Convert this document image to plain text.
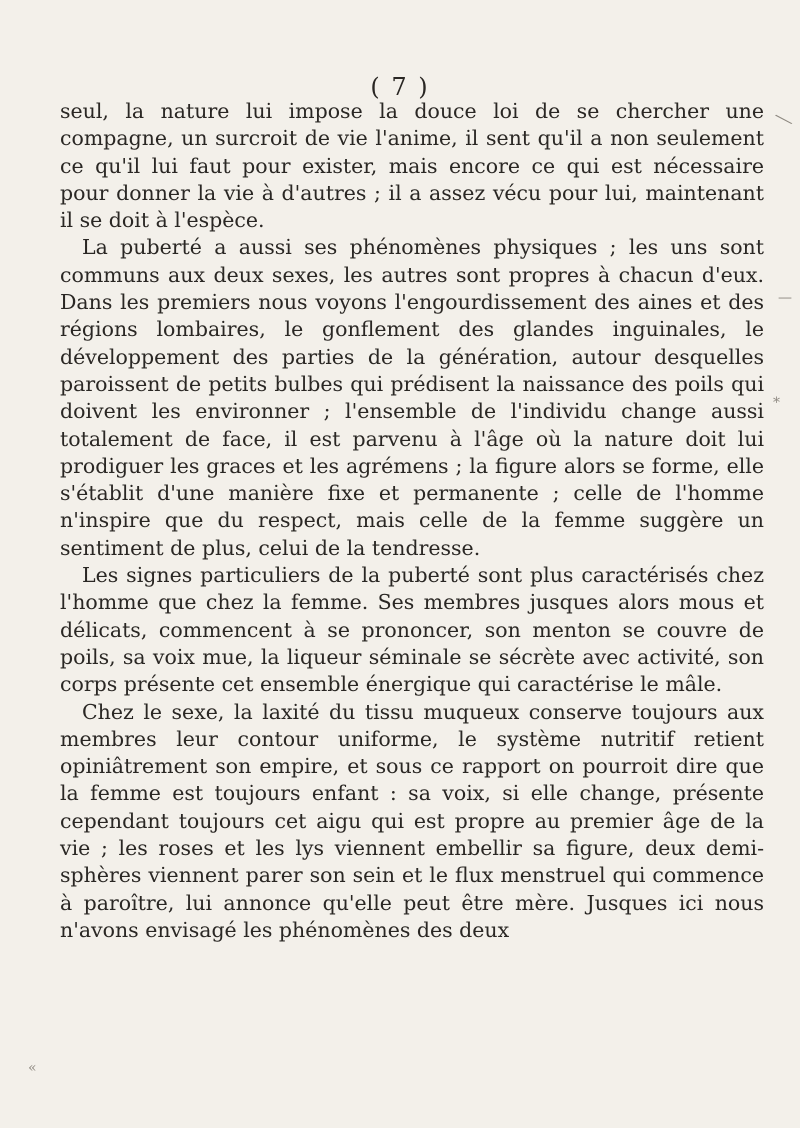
( 7 )

seul, la nature lui impose la douce loi de se chercher une compagne, un surcroit de vie l'anime, il sent qu'il a non seulement ce qu'il lui faut pour exister, mais encore ce qui est nécessaire pour donner la vie à d'autres ; il a assez vécu pour lui, maintenant il se doit à l'espèce.

La puberté a aussi ses phénomènes physiques ; les uns sont communs aux deux sexes, les autres sont propres à chacun d'eux. Dans les premiers nous voyons l'engourdissement des aines et des régions lombaires, le gonflement des glandes inguinales, le développement des parties de la génération, autour desquelles paroissent de petits bulbes qui prédisent la naissance des poils qui doivent les environner ; l'ensemble de l'individu change aussi totalement de face, il est parvenu à l'âge où la nature doit lui prodiguer les graces et les agrémens ; la figure alors se forme, elle s'établit d'une manière fixe et permanente ; celle de l'homme n'inspire que du respect, mais celle de la femme suggère un sentiment de plus, celui de la tendresse.

Les signes particuliers de la puberté sont plus caractérisés chez l'homme que chez la femme. Ses membres jusques alors mous et délicats, commencent à se prononcer, son menton se couvre de poils, sa voix mue, la liqueur séminale se sécrète avec activité, son corps présente cet ensemble énergique qui caractérise le mâle.

Chez le sexe, la laxité du tissu muqueux conserve toujours aux membres leur contour uniforme, le système nutritif retient opiniâtrement son empire, et sous ce rapport on pourroit dire que la femme est toujours enfant : sa voix, si elle change, présente cependant toujours cet aigu qui est propre au premier âge de la vie ; les roses et les lys viennent embellir sa figure, deux demi-sphères viennent parer son sein et le flux menstruel qui commence à paroître, lui annonce qu'elle peut être mère. Jusques ici nous n'avons envisagé les phénomènes des deux

╲
—
*
«
